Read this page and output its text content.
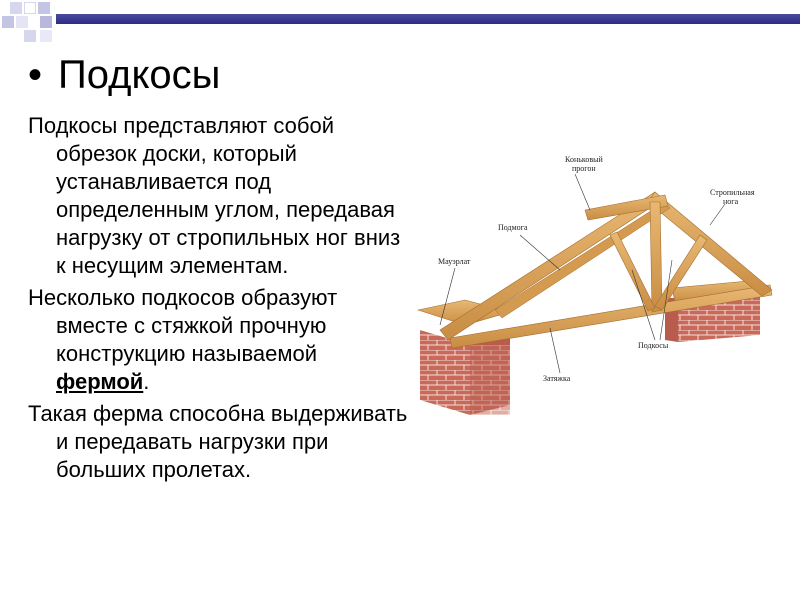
• Подкосы

Подкосы представляют собой обрезок доски, который устанавливается под определенным углом, передавая нагрузку от стропильных ног вниз к несущим элементам.

Несколько подкосов образуют вместе с стяжкой прочную конструкцию называемой фермой.

Такая ферма способна выдерживать и передавать нагрузки при больших пролетах.

Коньковый
прогон
Стропильная
нога
Подмога
Мауэрлат
Подкосы
Затяжка
